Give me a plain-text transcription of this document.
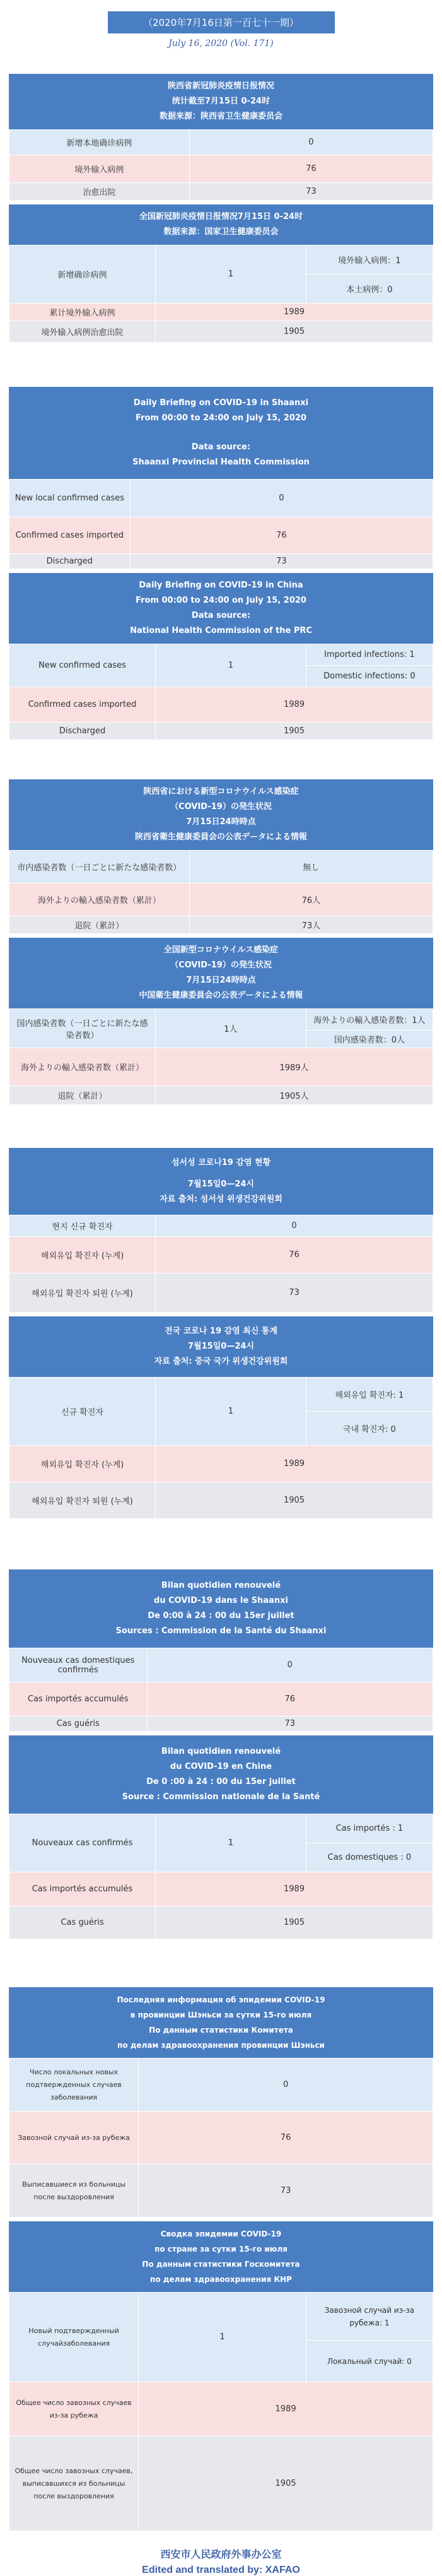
（2020年7月16日第一百七十一期）
July 16, 2020 (Vol. 171)
陕西省新冠肺炎疫情日报情况
统计截至7月15日 0-24时
数据来源：陕西省卫生健康委员会
新增本地确诊病例	0
境外输入病例	76
治愈出院	73
全国新冠肺炎疫情日报情况7月15日 0-24时
数据来源：国家卫生健康委员会
新增确诊病例	1	境外输入病例：1
		本土病例：0
累计境外输入病例	1989	
境外输入病例治愈出院	1905	
Daily Briefing on COVID-19 in Shaanxi
From 00:00 to 24:00 on July 15, 2020
Data source:
Shaanxi Provincial Health Commission
New local confirmed cases	0
Confirmed cases imported	76
Discharged	73
Daily Briefing on COVID-19 in China
From 00:00 to 24:00 on July 15, 2020
Data source:
National Health Commission of the PRC
New confirmed cases	1	Imported infections: 1
		Domestic infections: 0
Confirmed cases imported	1989	
Discharged	1905	
陕西省における新型コロナウイルス感染症
（COVID-19）の発生状況
7月15日24時時点
陕西省衛生健康委員会の公表データによる情報
市内感染者数（一日ごとに新たな感染者数）	無し
海外よりの輸入感染者数（累計）	76人
退院（累計）	73人
全国新型コロナウイルス感染症
（COVID-19）の発生状況
7月15日24時時点
中国衛生健康委員会の公表データによる情報
国内感染者数（一日ごとに新たな感染者数）	1人	海外よりの輸入感染者数：1人
		国内感染者数：0人
海外よりの輸入感染者数（累計）	1989人	
退院（累計）	1905人	
섬서성 코로나19 감염 현황
7월15일0—24시
자료 출처: 섬서성 위생건강위원회
현지 신규 확진자	0
해외유입 확진자 (누계)	76
해외유입 확진자 퇴원 (누계)	73
전국 코로나 19 감염 최신 통계
7월15일0—24시
자료 출처: 중국 국가 위생건강위원회
신규 확진자	1	해외유입 확진자: 1
		국내 확진자: 0
해외유입 확진자 (누계)	1989	
해외유입 확진자 퇴원 (누계)	1905	
Bilan quotidien renouvelé
du COVID-19 dans le Shaanxi
De 0:00 à 24 : 00 du 15er juillet
Sources : Commission de la Santé du Shaanxi
Nouveaux cas domestiques confirmés	0
Cas importés accumulés	76
Cas guéris	73
Bilan quotidien renouvelé
du COVID-19 en Chine
De 0 :00 à 24 : 00 du 15er juillet
Source : Commission nationale de la Santé
Nouveaux cas confirmés	1	Cas importés : 1
		Cas domestiques : 0
Cas importés accumulés	1989	
Cas guéris	1905	
Последняя информация об эпидемии COVID-19
в провинции Шэньси за сутки 15-го июля
По данным статистики Комитета
по делам здравоохранения провинции Шэньси
Число локальных новых подтвержденных случаев заболевания	0
Завозной случай из-за рубежа	76
Выписавшиеся из больницы после выздоровления	73
Сводка эпидемии COVID-19
по стране за сутки 15-го июля
По данным статистики Госкомитета
по делам здравоохранения КНР
Новый подтвержденный случайзаболевания	1	Завозной случай из-за рубежа: 1
		Локальный случай: 0
Общее число завозных случаев из-за рубежа	1989	
Общее число завозных случаев, выписавшихся из больницы после выздоровления	1905	
西安市人民政府外事办公室
Edited and translated by: XAFAO
